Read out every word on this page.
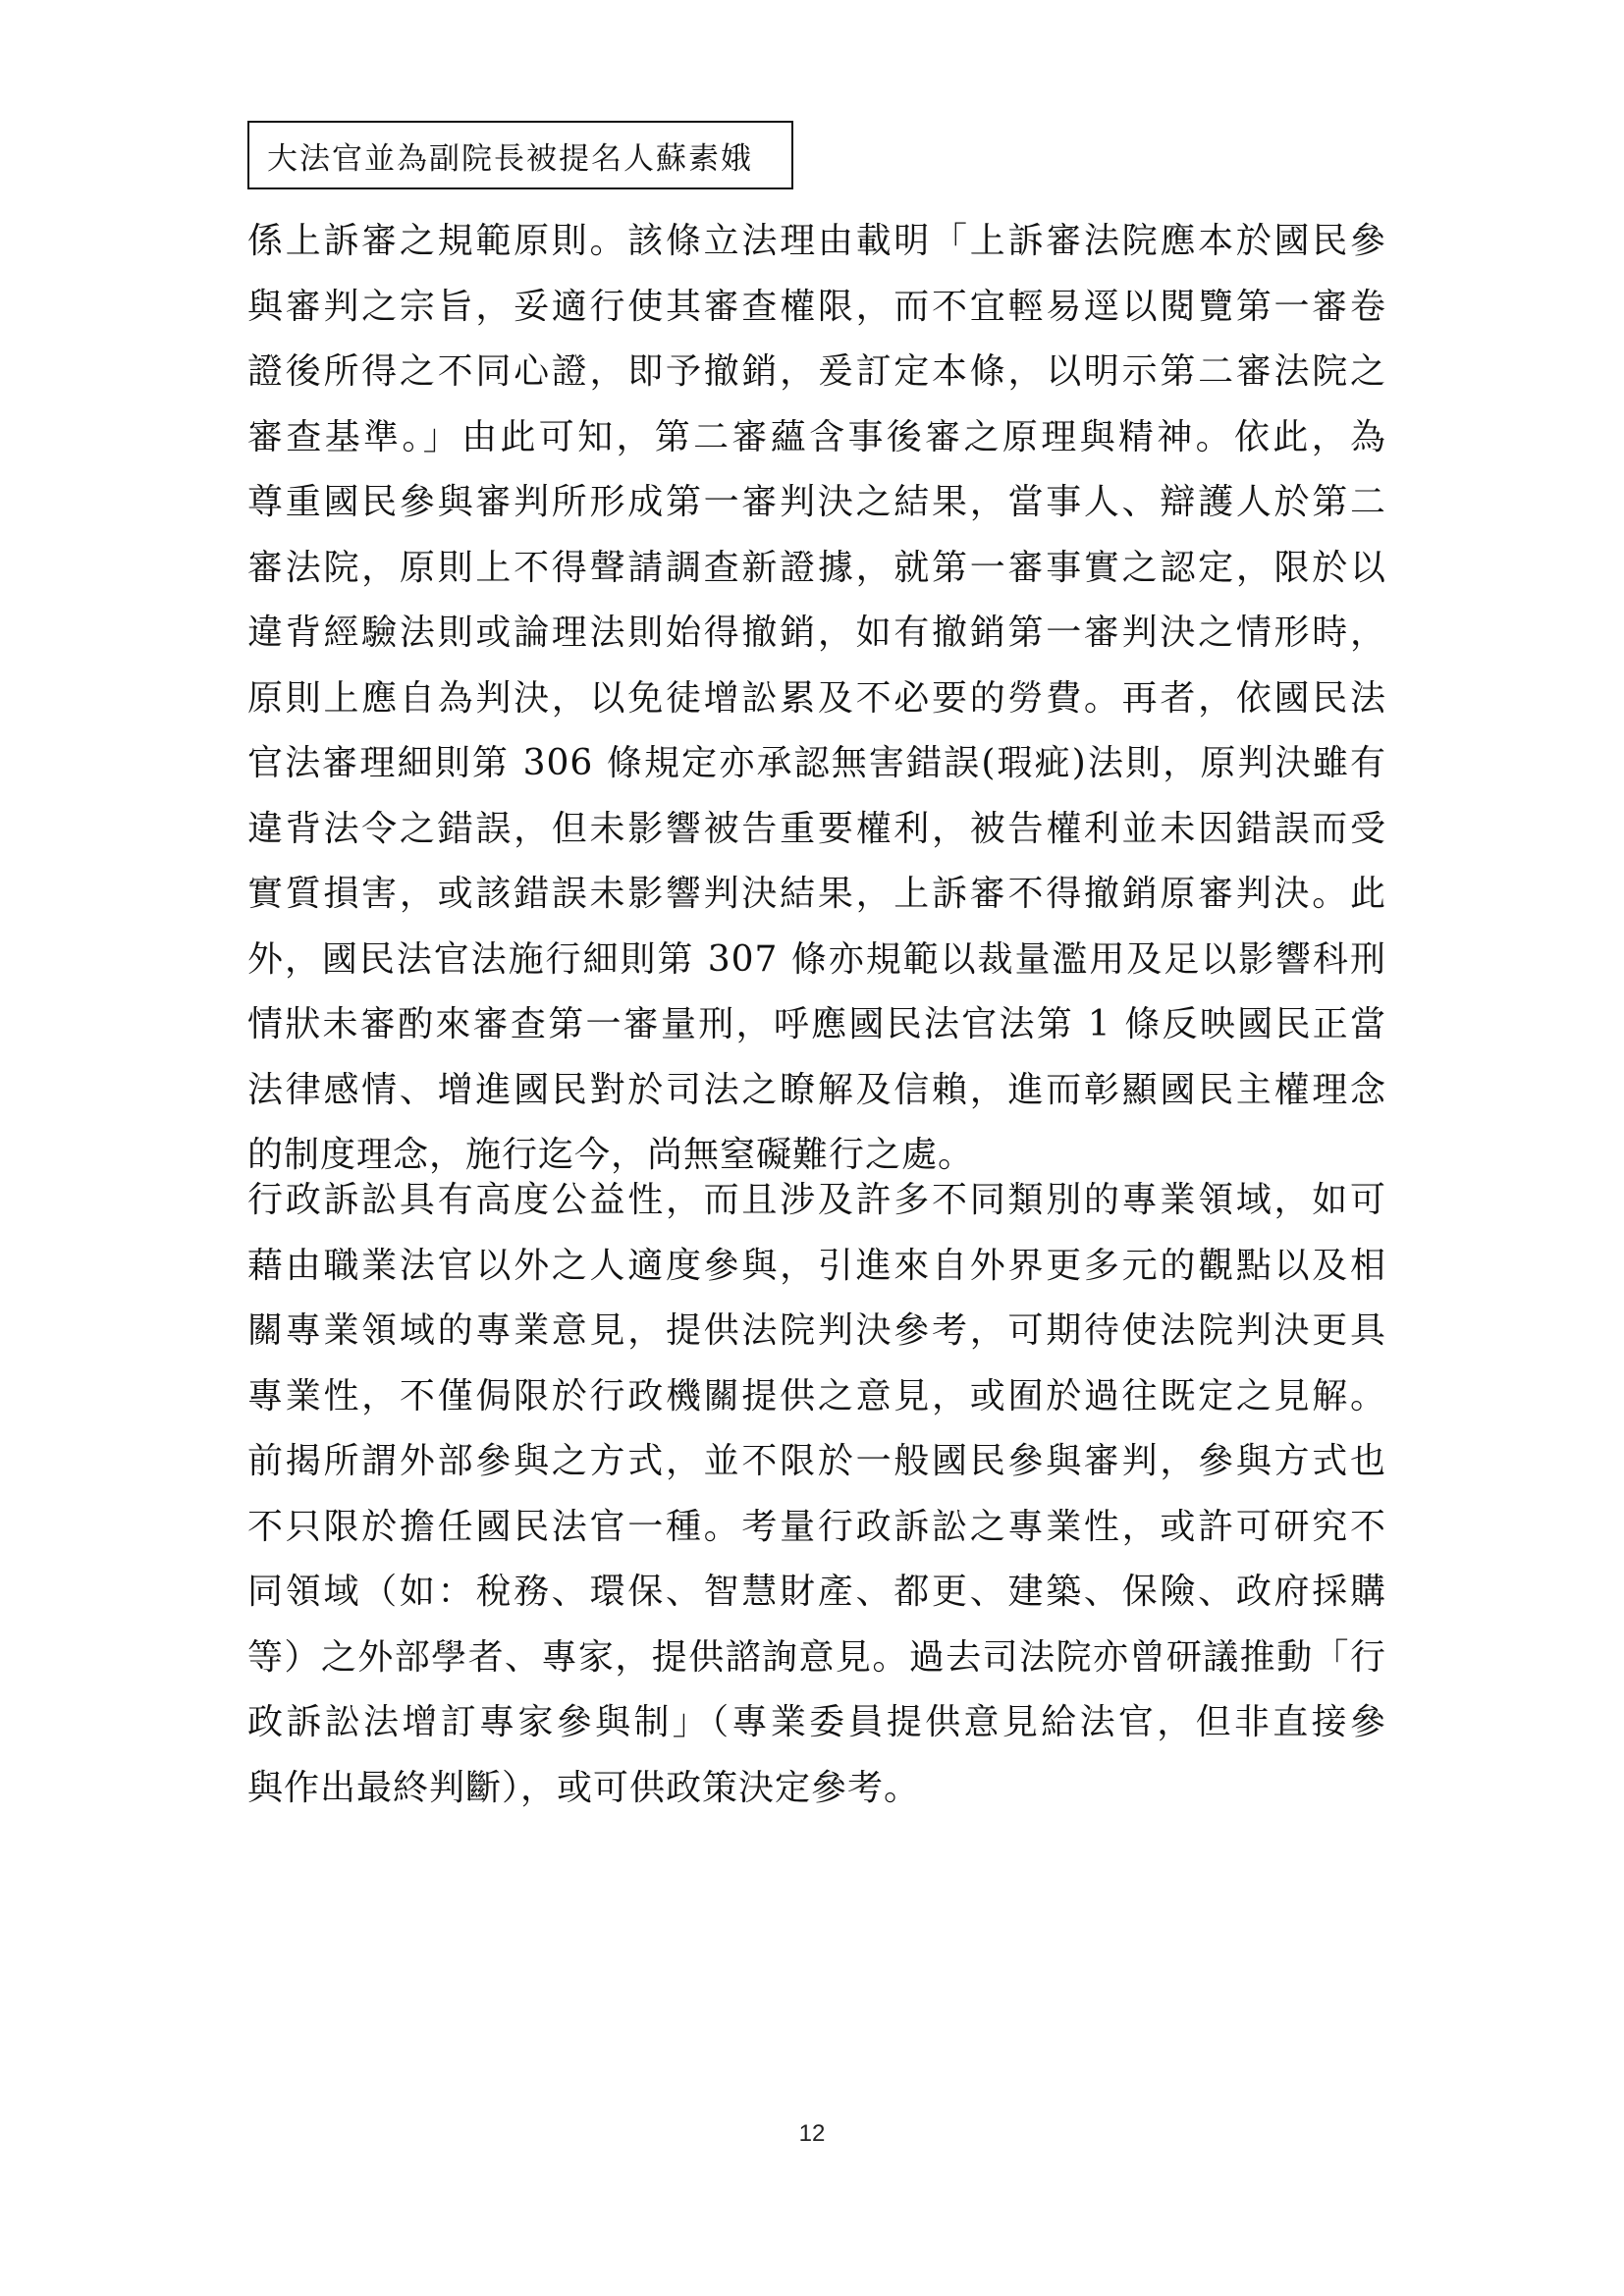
大法官並為副院長被提名人蘇素娥
係上訴審之規範原則。該條立法理由載明「上訴審法院應本於國民參
與審判之宗旨，妥適行使其審查權限，而不宜輕易逕以閱覽第一審卷
證後所得之不同心證，即予撤銷，爰訂定本條，以明示第二審法院之
審查基準。」由此可知，第二審蘊含事後審之原理與精神。依此，為
尊重國民參與審判所形成第一審判決之結果，當事人、辯護人於第二
審法院，原則上不得聲請調查新證據，就第一審事實之認定，限於以
違背經驗法則或論理法則始得撤銷，如有撤銷第一審判決之情形時，
原則上應自為判決，以免徒增訟累及不必要的勞費。再者，依國民法
官法審理細則第 306 條規定亦承認無害錯誤(瑕疵)法則，原判決雖有
違背法令之錯誤，但未影響被告重要權利，被告權利並未因錯誤而受
實質損害，或該錯誤未影響判決結果，上訴審不得撤銷原審判決。此
外，國民法官法施行細則第 307 條亦規範以裁量濫用及足以影響科刑
情狀未審酌來審查第一審量刑，呼應國民法官法第 1 條反映國民正當
法律感情、增進國民對於司法之瞭解及信賴，進而彰顯國民主權理念
的制度理念，施行迄今，尚無窒礙難行之處。
行政訴訟具有高度公益性，而且涉及許多不同類別的專業領域，如可
藉由職業法官以外之人適度參與，引進來自外界更多元的觀點以及相
關專業領域的專業意見，提供法院判決參考，可期待使法院判決更具
專業性，不僅侷限於行政機關提供之意見，或囿於過往既定之見解。
前揭所謂外部參與之方式，並不限於一般國民參與審判，參與方式也
不只限於擔任國民法官一種。考量行政訴訟之專業性，或許可研究不
同領域（如：稅務、環保、智慧財產、都更、建築、保險、政府採購
等）之外部學者、專家，提供諮詢意見。過去司法院亦曾研議推動「行
政訴訟法增訂專家參與制」（專業委員提供意見給法官，但非直接參
與作出最終判斷），或可供政策決定參考。
12
